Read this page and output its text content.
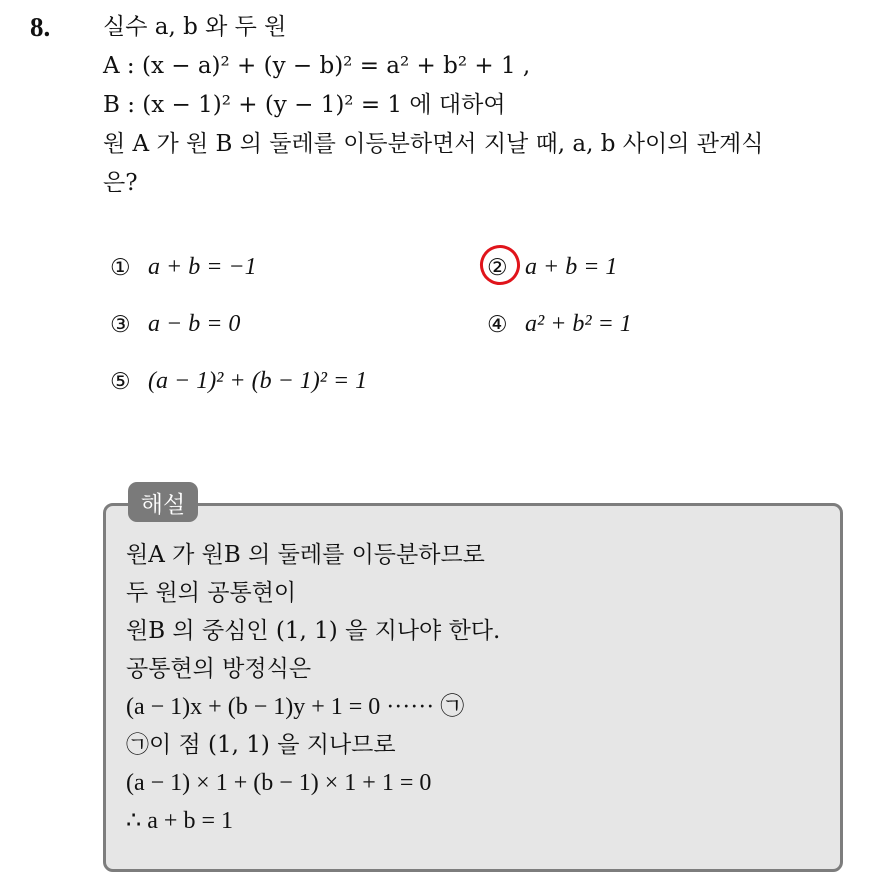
8. 실수 a, b 와 두 원
A : (x − a)² + (y − b)² = a² + b² + 1 ,
B : (x − 1)² + (y − 1)² = 1 에 대하여
원 A 가 원 B 의 둘레를 이등분하면서 지날 때, a, b 사이의 관계식
은?
① a + b = −1	② a + b = 1
③ a − b = 0	④ a² + b² = 1
⑤ (a − 1)² + (b − 1)² = 1
해설
원A 가 원B 의 둘레를 이등분하므로
두 원의 공통현이
원B 의 중심인 (1, 1) 을 지나야 한다.
공통현의 방정식은
(a − 1)x + (b − 1)y + 1 = 0 ······ ㉠
㉠이 점 (1, 1) 을 지나므로
(a − 1) × 1 + (b − 1) × 1 + 1 = 0
∴ a + b = 1
